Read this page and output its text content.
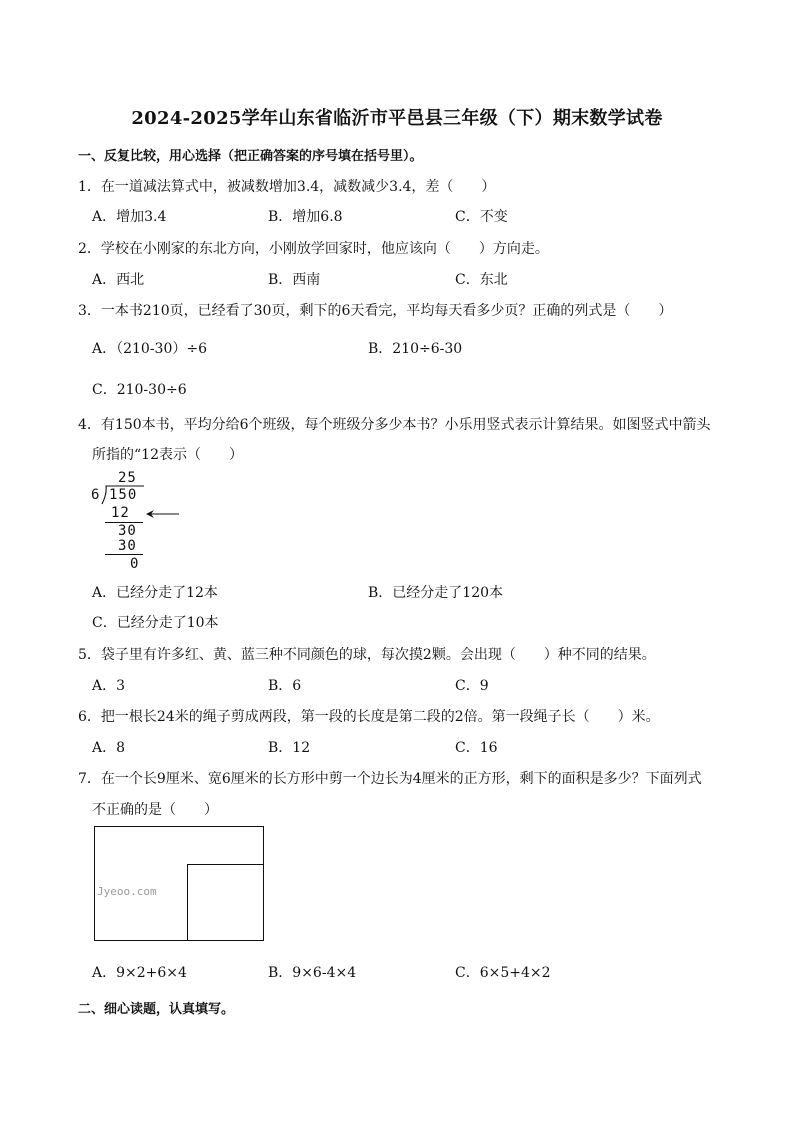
2024-2025学年山东省临沂市平邑县三年级（下）期末数学试卷
一、反复比较，用心选择（把正确答案的序号填在括号里）。
1．在一道减法算式中，被减数增加3.4，减数减少3.4，差（　　）
A．增加3.4	B．增加6.8	C．不变
2．学校在小刚家的东北方向，小刚放学回家时，他应该向（　　）方向走。
A．西北	B．西南	C．东北
3．一本书210页，已经看了30页，剩下的6天看完，平均每天看多少页？正确的列式是（　　）
A．（210-30）÷6	B．210÷6-30
C．210-30÷6
4．有150本书，平均分给6个班级，每个班级分多少本书？小乐用竖式表示计算结果。如图竖式中箭头
所指的“12表示（　　）
25
6 150
12
30
30
0
A．已经分走了12本	B．已经分走了120本
C．已经分走了10本
5．袋子里有许多红、黄、蓝三种不同颜色的球，每次摸2颗。会出现（　　）种不同的结果。
A．3	B．6	C．9
6．把一根长24米的绳子剪成两段，第一段的长度是第二段的2倍。第一段绳子长（　　）米。
A．8	B．12	C．16
7．在一个长9厘米、宽6厘米的长方形中剪一个边长为4厘米的正方形，剩下的面积是多少？下面列式
不正确的是（　　）
Jyeoo.com
A．9×2+6×4	B．9×6-4×4	C．6×5+4×2
二、细心读题，认真填写。
